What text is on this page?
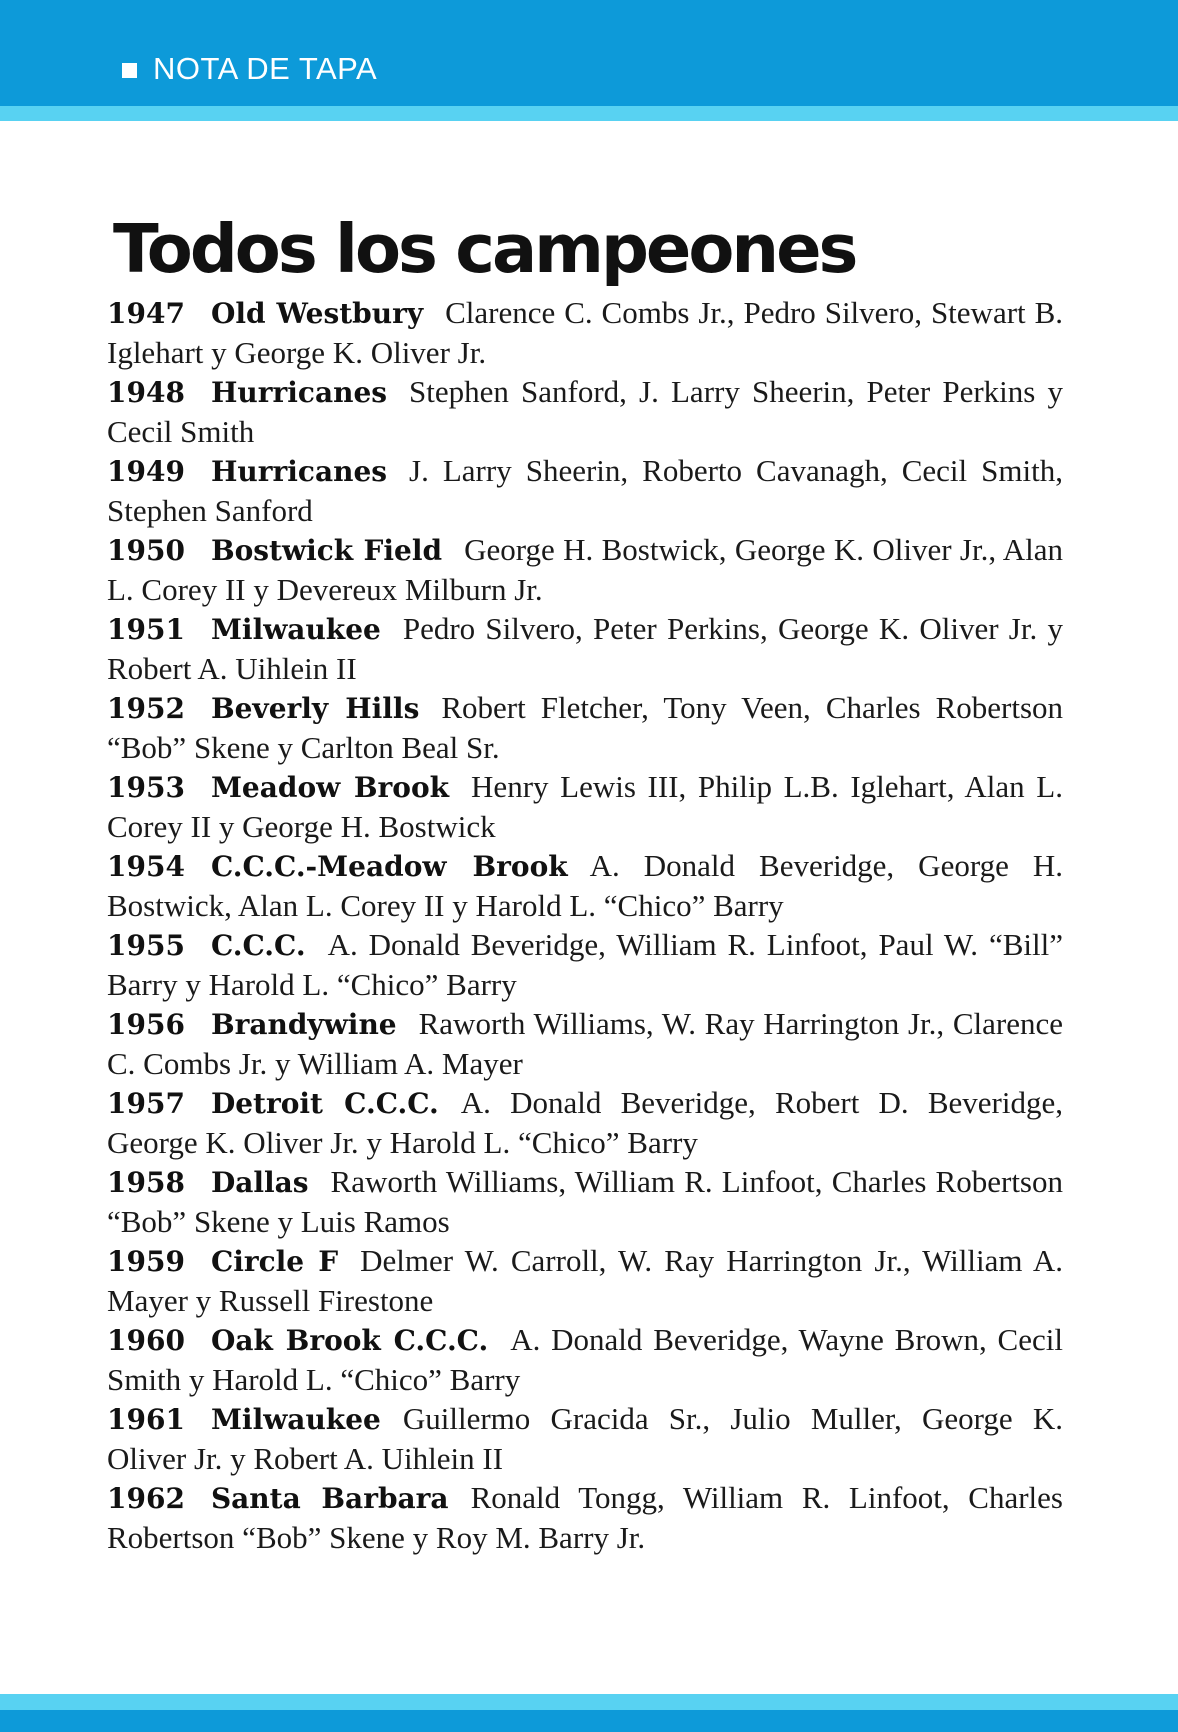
NOTA DE TAPA
Todos los campeones
1947 Old Westbury Clarence C. Combs Jr., Pedro Silvero, Stewart B. Iglehart y George K. Oliver Jr.
1948 Hurricanes Stephen Sanford, J. Larry Sheerin, Peter Perkins y Cecil Smith
1949 Hurricanes J. Larry Sheerin, Roberto Cavanagh, Cecil Smith, Stephen Sanford
1950 Bostwick Field George H. Bostwick, George K. Oliver Jr., Alan L. Corey II y Devereux Milburn Jr.
1951 Milwaukee Pedro Silvero, Peter Perkins, George K. Oliver Jr. y Robert A. Uihlein II
1952 Beverly Hills Robert Fletcher, Tony Veen, Charles Robertson “Bob” Skene y Carlton Beal Sr.
1953 Meadow Brook Henry Lewis III, Philip L.B. Iglehart, Alan L. Corey II y George H. Bostwick
1954 C.C.C.-Meadow Brook A. Donald Beveridge, George H. Bostwick, Alan L. Corey II y Harold L. “Chico” Barry
1955 C.C.C. A. Donald Beveridge, William R. Linfoot, Paul W. “Bill” Barry y Harold L. “Chico” Barry
1956 Brandywine Raworth Williams, W. Ray Harrington Jr., Clarence C. Combs Jr. y William A. Mayer
1957 Detroit C.C.C. A. Donald Beveridge, Robert D. Beveridge, George K. Oliver Jr. y Harold L. “Chico” Barry
1958 Dallas Raworth Williams, William R. Linfoot, Charles Robertson “Bob” Skene y Luis Ramos
1959 Circle F Delmer W. Carroll, W. Ray Harrington Jr., William A. Mayer y Russell Firestone
1960 Oak Brook C.C.C. A. Donald Beveridge, Wayne Brown, Cecil Smith y Harold L. “Chico” Barry
1961 Milwaukee Guillermo Gracida Sr., Julio Muller, George K. Oliver Jr. y Robert A. Uihlein II
1962 Santa Barbara Ronald Tongg, William R. Linfoot, Charles Robertson “Bob” Skene y Roy M. Barry Jr.
